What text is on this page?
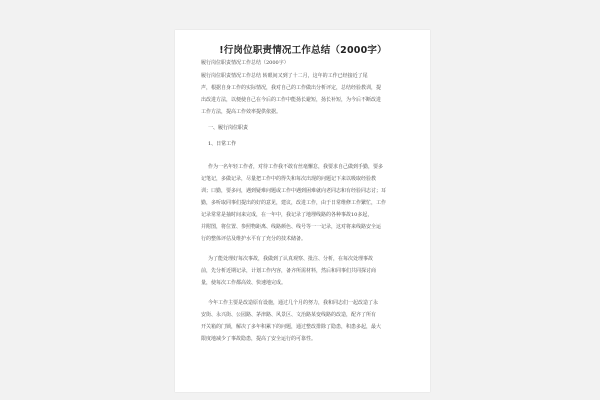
!行岗位职责情况工作总结（2000字）
履行岗位职责情况工作总结（2000字）
履行岗位职责情况工作总结 转眼间又到了十二月，这年的工作已经接近了尾
声，根据自身工作的实际情况，我对自己的工作做出分析评定，总结经验教训，提
出改进方法，以便使自己在今后的工作中能扬长避短，扬长补短，为今后不断改进
工作方法，提高工作效率提供依据。
一、履行岗位职责
1、日常工作
作为一名年轻工作者，对待工作我不敢有丝毫懈怠，我要求自己做到手勤，要多
记笔记，多做记录，尽量把工作中的得失和每次出现的问题记下来以吸取经验教
训；口勤，要多问，遇到疑难问题或工作中遇到困难就向老同志和有经验同志讨；耳
勤，多听取同事们提出的好的意见，建议，改进工作，由于日常维修工作繁忙，工作
记录常常是抽时间来完成，在一年中，我记录了地埋线路的各种事故10多起，
并附图，将位置、参照物距离、线路颜色、线号等一一记录，这对将来线路安全运
行的整体评估及维护水平有了充分的技术储备。
为了能处理好每次事故，我做到了认真观察、批注、分析，在每次处理事故
前，先分析近期记录，计划工作内容，备齐所需材料，然后和同事们共同探讨商
量，使每次工作都高效、快速地完成。
今年工作主要是改造原有设施，通过几个月的努力，我和同志们一起改造了永
安街、永兴街、公园路、茅津路、风景区、文治路某变线路的改造，配齐了所有
开关箱的门锁，解决了多年积累下的问题，通过整改排除了隐患，积患多起，最大
限度地减少了事故隐患，提高了安全运行的可靠性。
